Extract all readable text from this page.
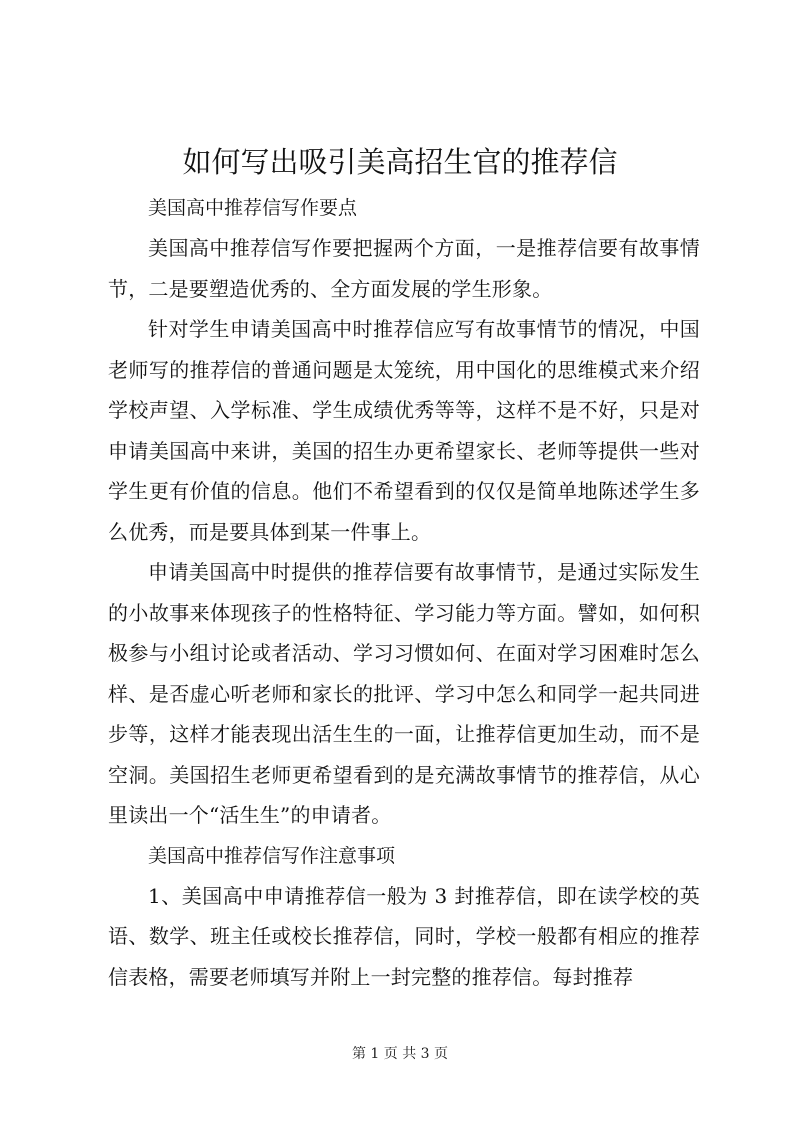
如何写出吸引美高招生官的推荐信

美国高中推荐信写作要点

美国高中推荐信写作要把握两个方面，一是推荐信要有故事情节，二是要塑造优秀的、全方面发展的学生形象。

针对学生申请美国高中时推荐信应写有故事情节的情况，中国老师写的推荐信的普通问题是太笼统，用中国化的思维模式来介绍学校声望、入学标准、学生成绩优秀等等，这样不是不好，只是对申请美国高中来讲，美国的招生办更希望家长、老师等提供一些对学生更有价值的信息。他们不希望看到的仅仅是简单地陈述学生多么优秀，而是要具体到某一件事上。

申请美国高中时提供的推荐信要有故事情节，是通过实际发生的小故事来体现孩子的性格特征、学习能力等方面。譬如，如何积极参与小组讨论或者活动、学习习惯如何、在面对学习困难时怎么样、是否虚心听老师和家长的批评、学习中怎么和同学一起共同进步等，这样才能表现出活生生的一面，让推荐信更加生动，而不是空洞。美国招生老师更希望看到的是充满故事情节的推荐信，从心里读出一个“活生生”的申请者。

美国高中推荐信写作注意事项

1、美国高中申请推荐信一般为 3 封推荐信，即在读学校的英语、数学、班主任或校长推荐信，同时，学校一般都有相应的推荐信表格，需要老师填写并附上一封完整的推荐信。每封推荐

第 1 页 共 3 页
